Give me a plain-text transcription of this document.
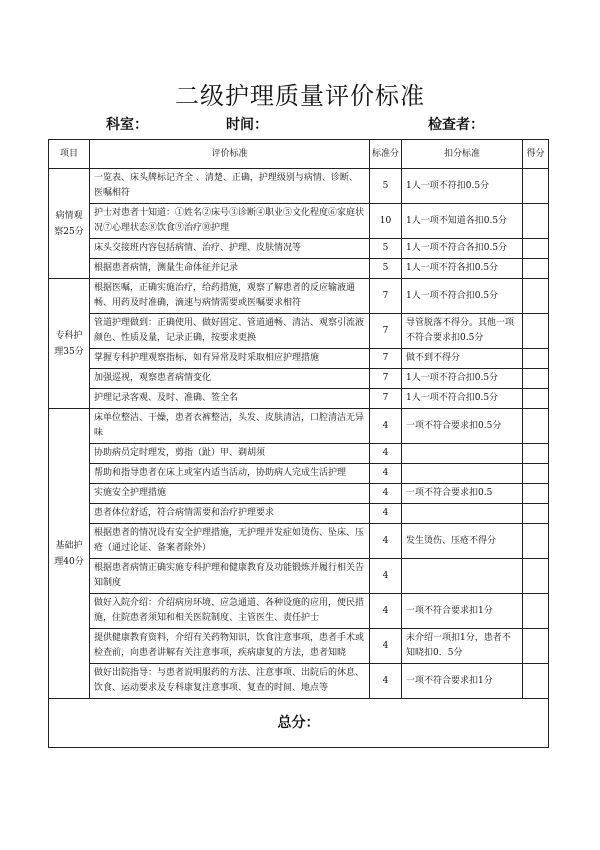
二级护理质量评价标准
科室：	时间：	检查者：
项目	评价标准	标准分	扣分标准	得分
病情观察25分	一览表、床头牌标记齐全 、清楚、正确，护理级别与病情、诊断、医嘱相符	5	1人一项不符扣0.5分	
	护士对患者十知道：①姓名②床号③诊断④职业⑤文化程度⑥家庭状况⑦心理状态⑧饮食⑨治疗⑩护理	10	1人一项不知道各扣0.5分	
	床头交接班内容包括病情、治疗、护理、皮肤情况等	5	1人一项不符合各扣0.5分	
	根据患者病情，测量生命体征并记录	5	1人一项不符各扣0.5分	
专科护理35分	根据医嘱，正确实施治疗，给药措施，观察了解患者的反应输液通畅、用药及时准确，滴速与病情需要或医嘱要求相符	7	1人一项不符合扣0.5分	
	管道护理做到：正确使用、做好固定、管道通畅、清洁、观察引流液颜色、性质及量，记录正确，按要求更换	7	导管脱落不得分。其他一项不符合要求扣0.5分	
	掌握专科护理观察指标，如有异常及时采取相应护理措施	7	做不到不得分	
	加强巡视，观察患者病情变化	7	1人一项不符合扣0.5分	
	护理记录客观、及时、准确、签全名	7	1人一项不符合扣0.5分	
基础护理40分	床单位整洁、干燥，患者衣裤整洁，头发、皮肤清洁，口腔清洁无异味	4	一项不符合要求扣0.5分	
	协助病员定时理发，剪指（趾）甲、剃胡须	4		
	帮助和指导患者在床上或室内适当活动，协助病人完成生活护理	4		
	实施安全护理措施	4	一项不符合要求扣0.5	
	患者体位舒适，符合病情需要和治疗护理要求	4		
	根据患者的情况设有安全护理措施，无护理并发症如烫伤、坠床、压疮（通过论证、备案者除外）	4	发生烫伤、压疮不得分	
	根据患者病情正确实施专科护理和健康教育及功能锻炼并履行相关告知制度	4		
	做好入院介绍：介绍病房环境、应急通道、各种设施的应用，便民措施，住院患者须知和相关医院制度、主管医生、责任护士	4	一项不符合要求扣1分	
	提供健康教育资料，介绍有关药物知识，饮食注意事项，患者手术或检查前，向患者讲解有关注意事项，疾病康复的方法，患者知晓	4	未介绍一项扣1分，患者不知晓扣0．5分	
	做好出院指导：与患者说明服药的方法、注意事项、出院后的休息、饮食、运动要求及专科康复注意事项、复查的时间、地点等	4	一项不符合要求扣1分	
总分：				
